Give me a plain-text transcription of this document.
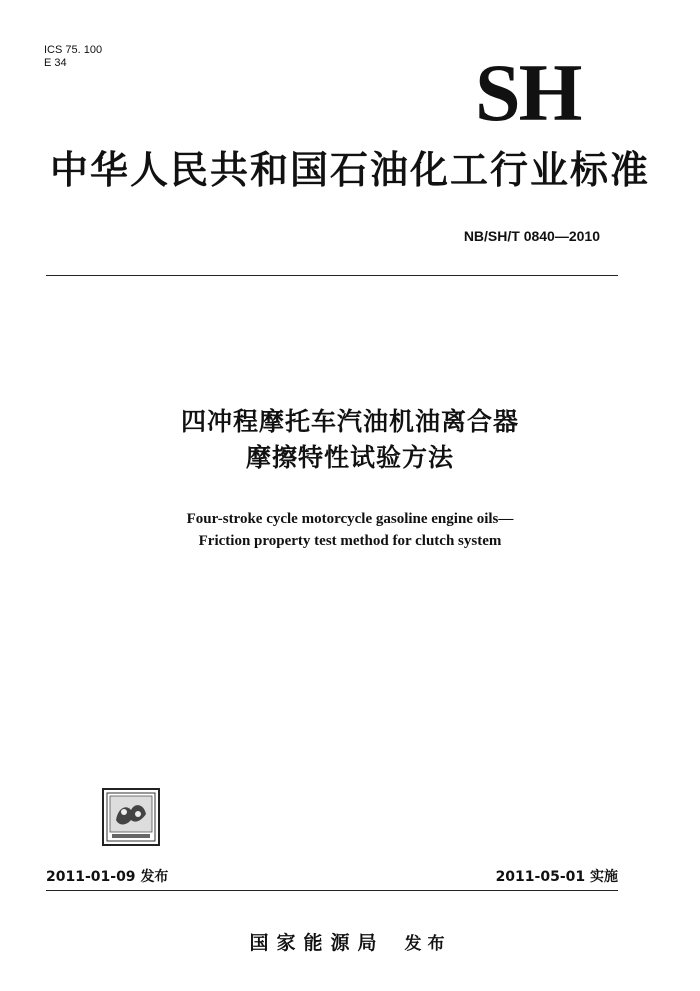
ICS 75. 100
E 34	SH
中华人民共和国石油化工行业标准
NB/SH/T 0840—2010
四冲程摩托车汽油机油离合器
摩擦特性试验方法
Four-stroke cycle motorcycle gasoline engine oils—
Friction property test method for clutch system
2011-01-09 发布	2011-05-01 实施
国家能源局 发布
